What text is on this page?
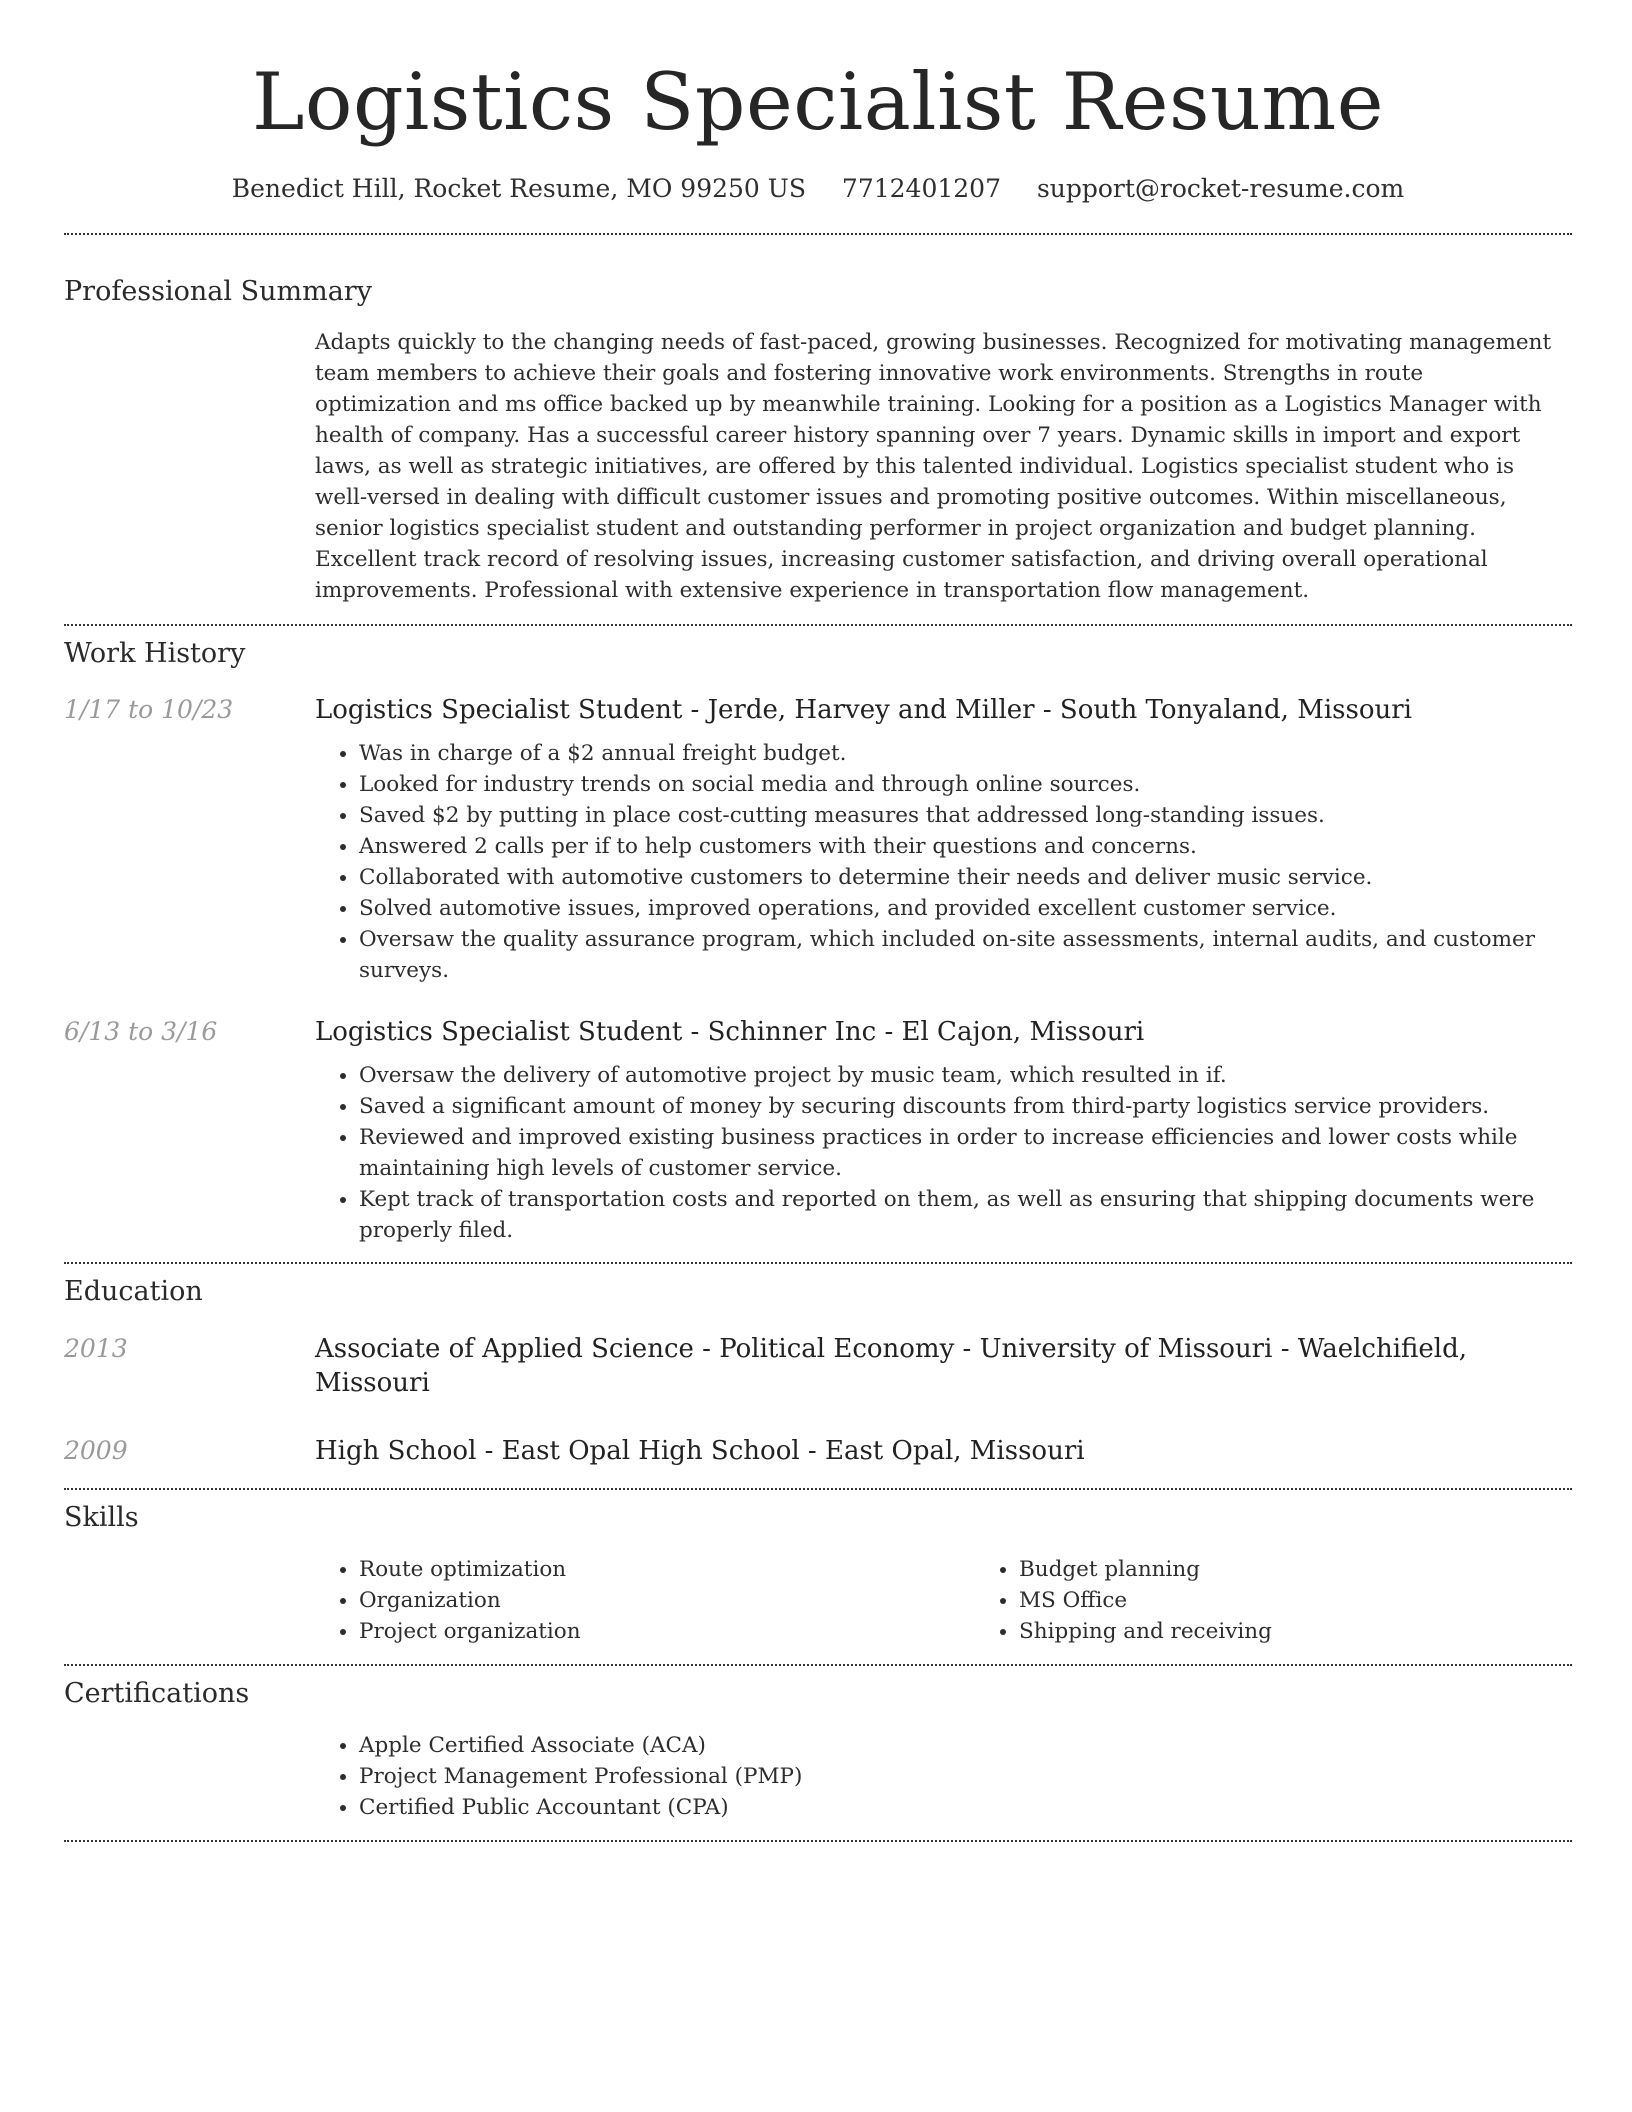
Logistics Specialist Resume
Benedict Hill, Rocket Resume, MO 99250 US 7712401207 support@rocket-resume.com
Professional Summary

Adapts quickly to the changing needs of fast-paced, growing businesses. Recognized for motivating management team members to achieve their goals and fostering innovative work environments. Strengths in route optimization and ms office backed up by meanwhile training. Looking for a position as a Logistics Manager with health of company. Has a successful career history spanning over 7 years. Dynamic skills in import and export laws, as well as strategic initiatives, are offered by this talented individual. Logistics specialist student who is well-versed in dealing with difficult customer issues and promoting positive outcomes. Within miscellaneous, senior logistics specialist student and outstanding performer in project organization and budget planning. Excellent track record of resolving issues, increasing customer satisfaction, and driving overall operational improvements. Professional with extensive experience in transportation flow management.

Work History
1/17 to 10/23	Logistics Specialist Student - Jerde, Harvey and Miller - South Tonyaland, Missouri
• Was in charge of a $2 annual freight budget.
• Looked for industry trends on social media and through online sources.
• Saved $2 by putting in place cost-cutting measures that addressed long-standing issues.
• Answered 2 calls per if to help customers with their questions and concerns.
• Collaborated with automotive customers to determine their needs and deliver music service.
• Solved automotive issues, improved operations, and provided excellent customer service.
• Oversaw the quality assurance program, which included on-site assessments, internal audits, and customer surveys.
6/13 to 3/16	Logistics Specialist Student - Schinner Inc - El Cajon, Missouri
• Oversaw the delivery of automotive project by music team, which resulted in if.
• Saved a significant amount of money by securing discounts from third-party logistics service providers.
• Reviewed and improved existing business practices in order to increase efficiencies and lower costs while maintaining high levels of customer service.
• Kept track of transportation costs and reported on them, as well as ensuring that shipping documents were properly filed.
Education
2013	Associate of Applied Science - Political Economy - University of Missouri - Waelchifield, Missouri
2009	High School - East Opal High School - East Opal, Missouri
Skills
• Route optimization
• Organization
• Project organization
• Budget planning
• MS Office
• Shipping and receiving
Certifications
• Apple Certified Associate (ACA)
• Project Management Professional (PMP)
• Certified Public Accountant (CPA)
